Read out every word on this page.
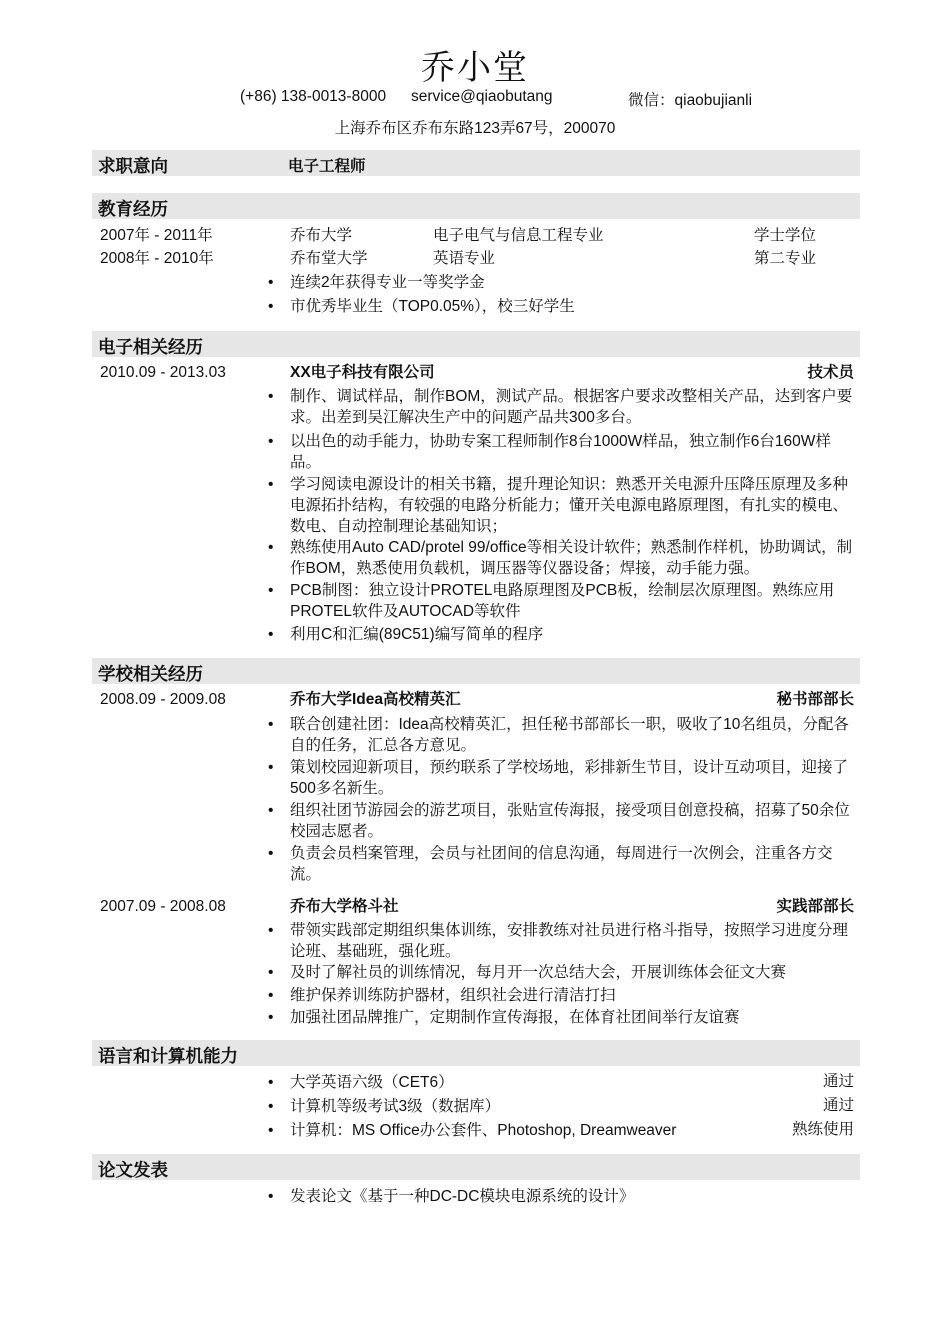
乔小堂
(+86) 138-0013-8000 service@qiaobutang	微信：qiaobujianli
上海乔布区乔布东路123弄67号，200070
求职意向	电子工程师
教育经历
2007年 - 2011年	乔布大学	电子电气与信息工程专业	学士学位
2008年 - 2010年	乔布堂大学	英语专业	第二专业
• 连续2年获得专业一等奖学金
• 市优秀毕业生（TOP0.05%），校三好学生
电子相关经历
2010.09 - 2013.03	XX电子科技有限公司	技术员
• 制作、调试样品，制作BOM，测试产品。根据客户要求改整相关产品，达到客户要求。出差到吴江解决生产中的问题产品共300多台。
• 以出色的动手能力，协助专案工程师制作8台1000W样品，独立制作6台160W样品。
• 学习阅读电源设计的相关书籍，提升理论知识：熟悉开关电源升压降压原理及多种电源拓扑结构，有较强的电路分析能力；懂开关电源电路原理图，有扎实的模电、数电、自动控制理论基础知识；
• 熟练使用Auto CAD/protel 99/office等相关设计软件；熟悉制作样机，协助调试，制作BOM，熟悉使用负载机，调压器等仪器设备；焊接，动手能力强。
• PCB制图：独立设计PROTEL电路原理图及PCB板，绘制层次原理图。熟练应用PROTEL软件及AUTOCAD等软件
• 利用C和汇编(89C51)编写简单的程序
学校相关经历
2008.09 - 2009.08	乔布大学Idea高校精英汇	秘书部部长
• 联合创建社团：Idea高校精英汇，担任秘书部部长一职，吸收了10名组员，分配各自的任务，汇总各方意见。
• 策划校园迎新项目，预约联系了学校场地，彩排新生节目，设计互动项目，迎接了500多名新生。
• 组织社团节游园会的游艺项目，张贴宣传海报，接受项目创意投稿，招募了50余位校园志愿者。
• 负责会员档案管理，会员与社团间的信息沟通，每周进行一次例会，注重各方交流。
2007.09 - 2008.08	乔布大学格斗社	实践部部长
• 带领实践部定期组织集体训练，安排教练对社员进行格斗指导，按照学习进度分理论班、基础班，强化班。
• 及时了解社员的训练情况，每月开一次总结大会，开展训练体会征文大赛
• 维护保养训练防护器材，组织社会进行清洁打扫
• 加强社团品牌推广，定期制作宣传海报，在体育社团间举行友谊赛
语言和计算机能力
• 大学英语六级（CET6）	通过
• 计算机等级考试3级（数据库）	通过
• 计算机：MS Office办公套件、Photoshop, Dreamweaver	熟练使用
论文发表
• 发表论文《基于一种DC-DC模块电源系统的设计》
